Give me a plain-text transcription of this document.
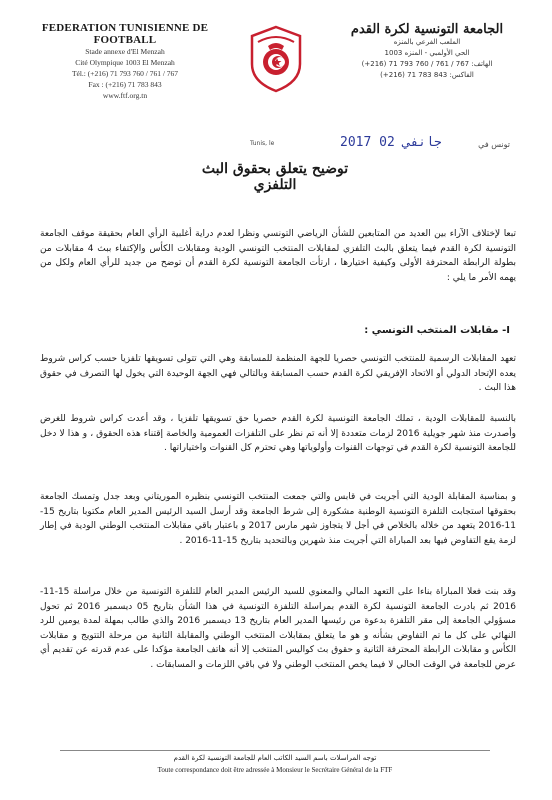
FEDERATION TUNISIENNE DE FOOTBALL
Stade annexe d'El Menzah
Cité Olympique 1003 El Menzah
Tél.: (+216) 71 793 760 / 761 / 767
Fax : (+216) 71 783 843
www.ftf.org.tn
الجامعة التونسية لكرة القدم
الملعب الفرعي بالمنزه
الحي الأولمبي - المنزه 1003
الهاتف: 767 / 761 / 760 793 71 (216+)
الفاكس: 843 783 71 (216+)
Tunis, le	2017 جانفي 02	تونس في
توضيح يتعلق بحقوق البث التلفزي
تبعا لإختلاف الآراء بين العديد من المتابعين للشأن الرياضي التونسي ونظرا لعدم دراية أغلبية الرأي العام بحقيقة موقف الجامعة التونسية لكرة القدم فيما يتعلق بالبث التلفزي لمقابلات المنتخب التونسي الودية ومقابلات الكأس والإكتفاء ببث 4 مقابلات من بطولة الرابطة المحترفة الأولى وكيفية اختيارها ، ارتأت الجامعة التونسية لكرة القدم أن توضح من جديد للرأي العام ولكل من يهمه الأمر ما يلي :
I- مقابلات المنتخب التونسي :
تعهد المقابلات الرسمية للمنتخب التونسي حصريا للجهة المنظمة للمسابقة وهي التي تتولى تسويقها تلفزيا حسب كراس شروط يعده الإتحاد الدولي أو الاتحاد الإفريقي لكرة القدم حسب المسابقة وبالتالي فهي الجهة الوحيدة التي يخول لها التصرف في حقوق هذا البث .
بالنسبة للمقابلات الودية ، تملك الجامعة التونسية لكرة القدم حصريا حق تسويقها تلفزيا ، وقد أعدت كراس شروط للغرض وأصدرت منذ شهر جويلية 2016 لزمات متعددة إلا أنه تم نظر على التلفزات العمومية والخاصة إقتناء هذه الحقوق ، و هذا لا دخل للجامعة التونسية لكرة القدم في توجهات القنوات وأولوياتها وهي تحترم كل القنوات واختياراتها .
و بمناسبة المقابلة الودية التي أجريت في قابس والتي جمعت المنتخب التونسي بنظيره الموريتاني وبعد جدل وتمسك الجامعة بحقوقها استجابت التلفزة التونسية الوطنية مشكورة إلى شرط الجامعة وقد أرسل السيد الرئيس المدير العام مكتوبا بتاريخ 15-11-2016 يتعهد من خلاله بالخلاص في أجل لا يتجاوز شهر مارس 2017 و باعتبار باقي مقابلات المنتخب الوطني الودية في إطار لزمة يقع التفاوض فيها بعد المباراة التي أجريت منذ شهرين وبالتحديد بتاريخ 15-11-2016 .
وقد بنت فعلا المباراة بناءا على التعهد المالي والمعنوي للسيد الرئيس المدير العام للتلفزة التونسية من خلال مراسلة 15-11-2016 ثم بادرت الجامعة التونسية لكرة القدم بمراسلة التلفزة التونسية في هذا الشأن بتاريخ 05 ديسمبر 2016 ثم تحول مسؤولي الجامعة إلى مقر التلفزة بدعوة من رئيسها المدير العام بتاريخ 13 ديسمبر 2016 والذي طالب بمهلة لمدة يومين للرد النهائي على كل ما تم التفاوض بشأنه و هو ما يتعلق بمقابلات المنتخب الوطني والمقابلة الثانية من مرحلة التتويج و مقابلات الكأس و مقابلات الرابطة المحترفة الثانية و حقوق بث كواليس المنتخب إلا أنه هاتف الجامعة مؤكدا على عدم قدرته عن تقديم أي عرض للجامعة في الوقت الحالي لا فيما يخص المنتخب الوطني ولا في باقي اللزمات و المسابقات .
توجه المراسلات باسم السيد الكاتب العام للجامعة التونسية لكرة القدم
Toute correspondance doit être adressée à Monsieur le Secrétaire Général de la FTF
